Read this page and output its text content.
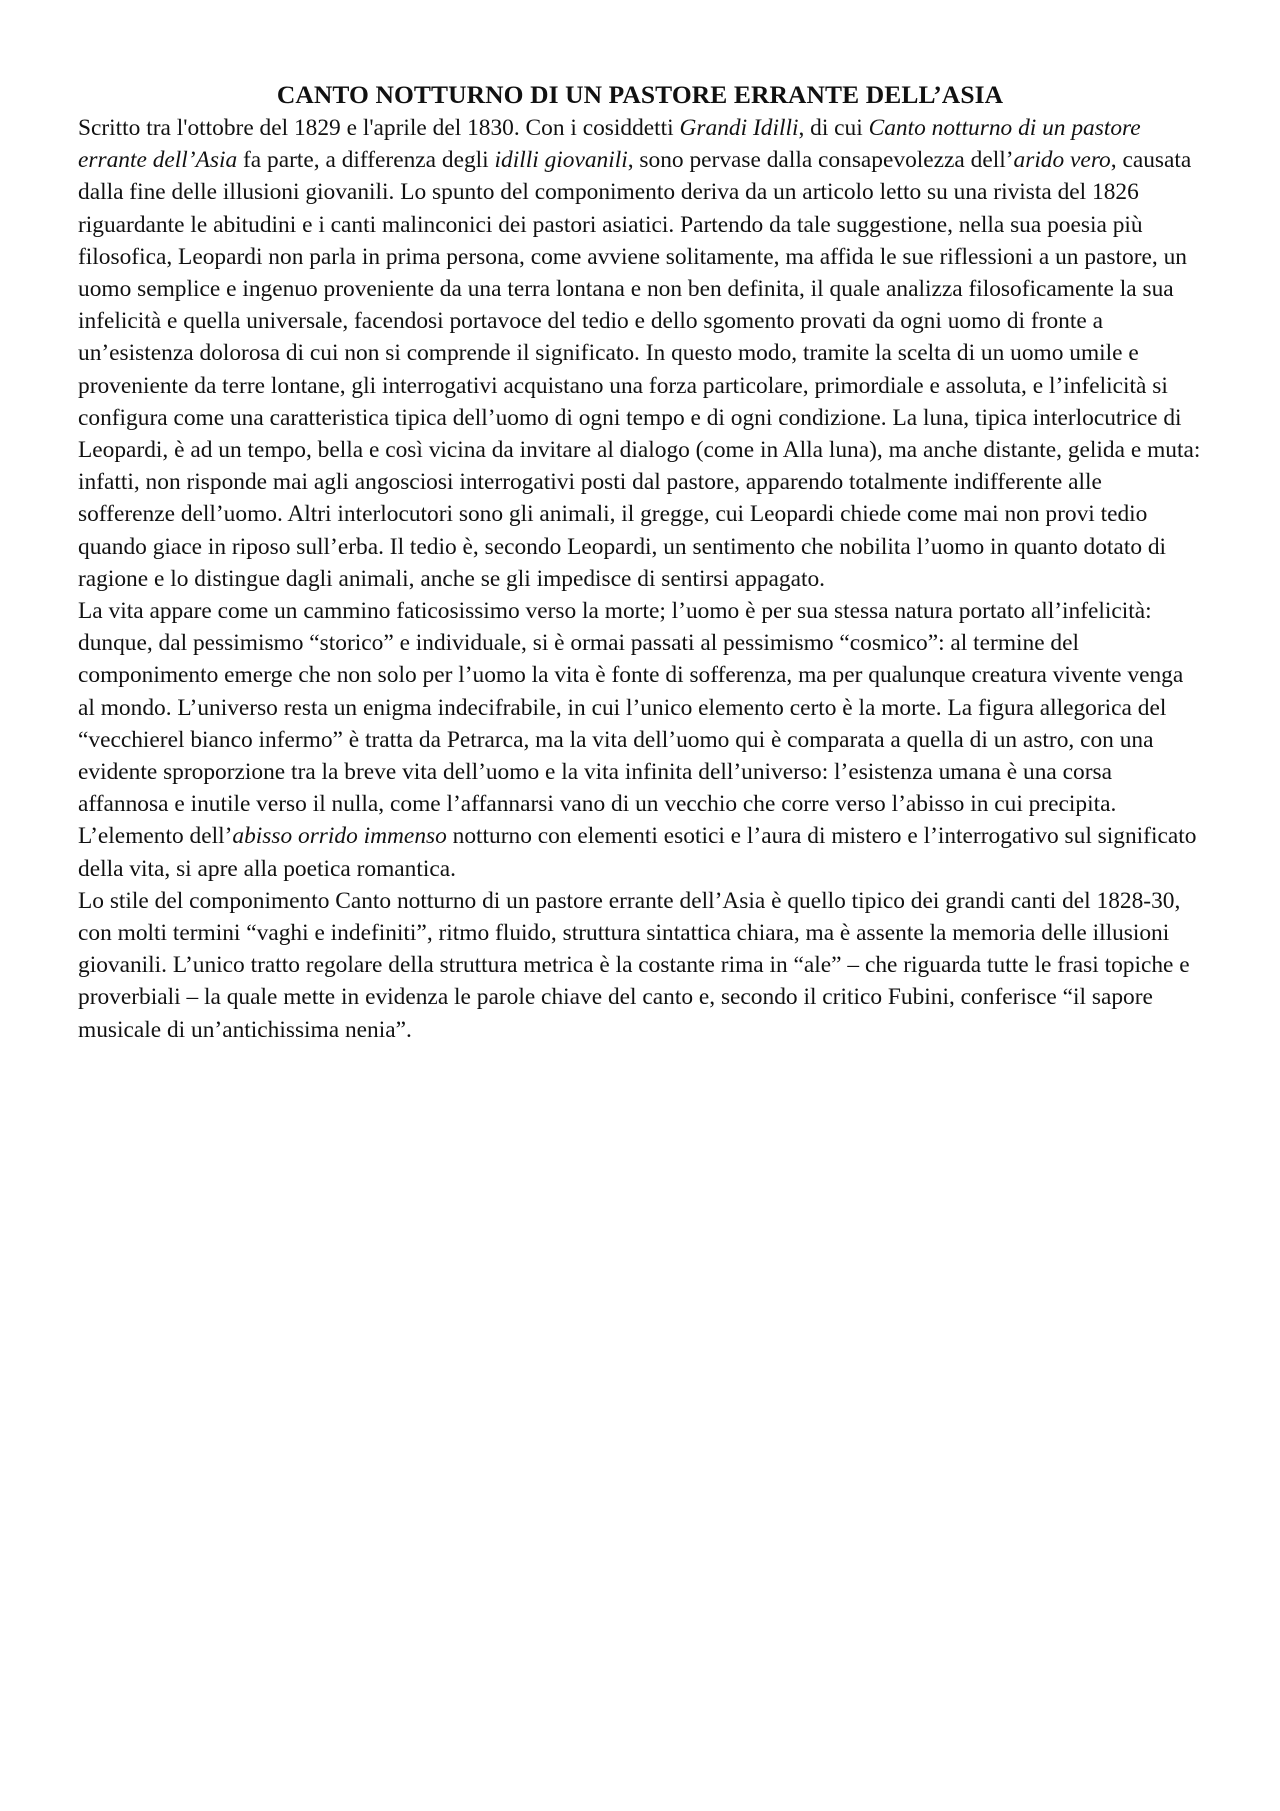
CANTO NOTTURNO DI UN PASTORE ERRANTE DELL’ASIA

Scritto tra l'ottobre del 1829 e l'aprile del 1830. Con i cosiddetti Grandi Idilli, di cui Canto notturno di un pastore errante dell’Asia fa parte, a differenza degli idilli giovanili, sono pervase dalla consapevolezza dell’arido vero, causata dalla fine delle illusioni giovanili. Lo spunto del componimento deriva da un articolo letto su una rivista del 1826 riguardante le abitudini e i canti malinconici dei pastori asiatici. Partendo da tale suggestione, nella sua poesia più filosofica, Leopardi non parla in prima persona, come avviene solitamente, ma affida le sue riflessioni a un pastore, un uomo semplice e ingenuo proveniente da una terra lontana e non ben definita, il quale analizza filosoficamente la sua infelicità e quella universale, facendosi portavoce del tedio e dello sgomento provati da ogni uomo di fronte a un’esistenza dolorosa di cui non si comprende il significato. In questo modo, tramite la scelta di un uomo umile e proveniente da terre lontane, gli interrogativi acquistano una forza particolare, primordiale e assoluta, e l’infelicità si configura come una caratteristica tipica dell’uomo di ogni tempo e di ogni condizione. La luna, tipica interlocutrice di Leopardi, è ad un tempo, bella e così vicina da invitare al dialogo (come in Alla luna), ma anche distante, gelida e muta: infatti, non risponde mai agli angosciosi interrogativi posti dal pastore, apparendo totalmente indifferente alle sofferenze dell’uomo. Altri interlocutori sono gli animali, il gregge, cui Leopardi chiede come mai non provi tedio quando giace in riposo sull’erba. Il tedio è, secondo Leopardi, un sentimento che nobilita l’uomo in quanto dotato di ragione e lo distingue dagli animali, anche se gli impedisce di sentirsi appagato.

La vita appare come un cammino faticosissimo verso la morte; l’uomo è per sua stessa natura portato all’infelicità: dunque, dal pessimismo “storico” e individuale, si è ormai passati al pessimismo “cosmico”: al termine del componimento emerge che non solo per l’uomo la vita è fonte di sofferenza, ma per qualunque creatura vivente venga al mondo. L’universo resta un enigma indecifrabile, in cui l’unico elemento certo è la morte. La figura allegorica del “vecchierel bianco infermo” è tratta da Petrarca, ma la vita dell’uomo qui è comparata a quella di un astro, con una evidente sproporzione tra la breve vita dell’uomo e la vita infinita dell’universo: l’esistenza umana è una corsa affannosa e inutile verso il nulla, come l’affannarsi vano di un vecchio che corre verso l’abisso in cui precipita. L’elemento dell’abisso orrido immenso notturno con elementi esotici e l’aura di mistero e l’interrogativo sul significato della vita, si apre alla poetica romantica.

Lo stile del componimento Canto notturno di un pastore errante dell’Asia è quello tipico dei grandi canti del 1828-30, con molti termini “vaghi e indefiniti”, ritmo fluido, struttura sintattica chiara, ma è assente la memoria delle illusioni giovanili. L’unico tratto regolare della struttura metrica è la costante rima in “ale” – che riguarda tutte le frasi topiche e proverbiali – la quale mette in evidenza le parole chiave del canto e, secondo il critico Fubini, conferisce “il sapore musicale di un’antichissima nenia”.
